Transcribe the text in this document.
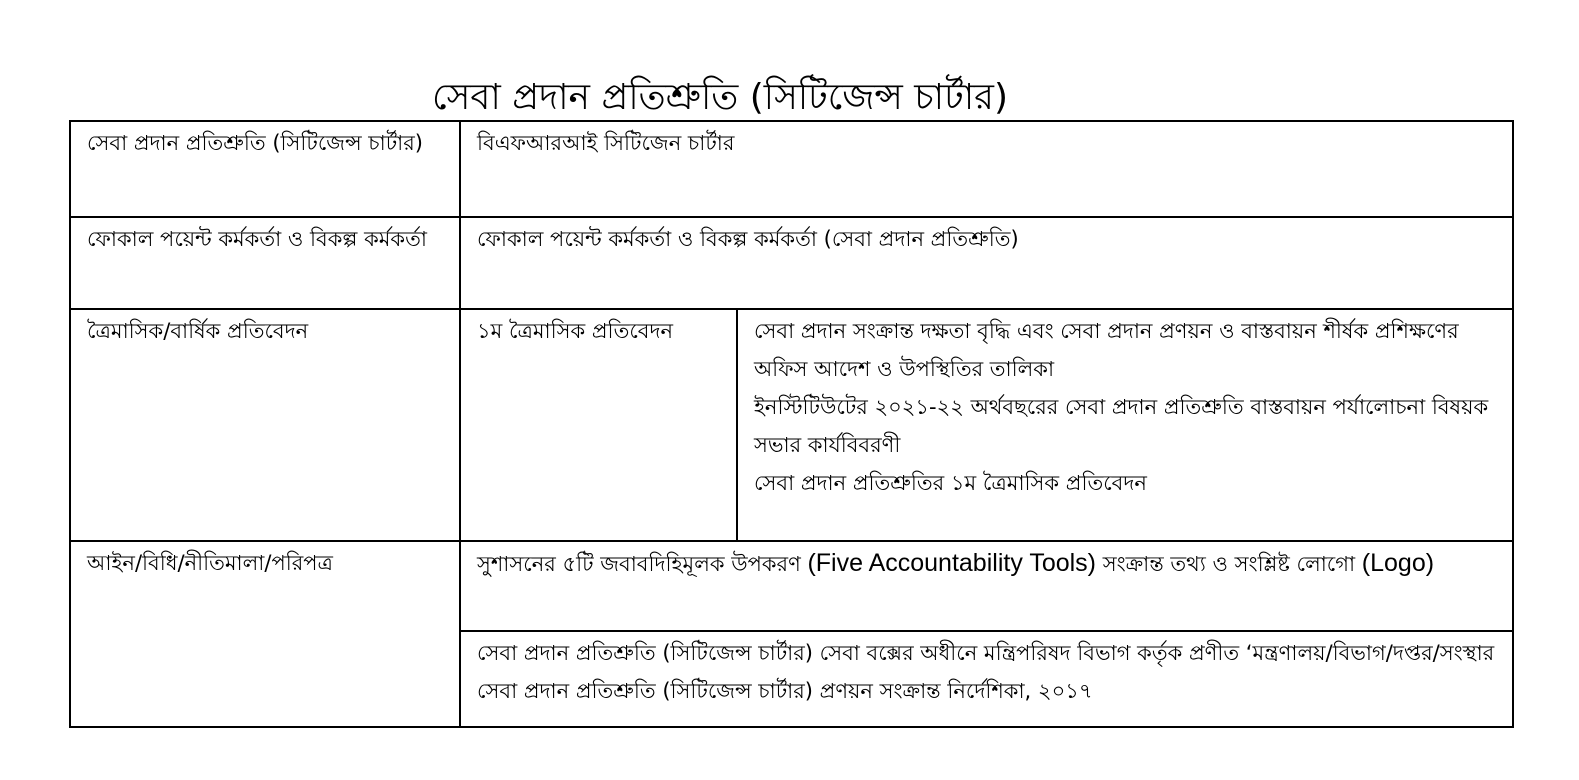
সেবা প্রদান প্রতিশ্রুতি (সিটিজেন্স চার্টার)
সেবা প্রদান প্রতিশ্রুতি (সিটিজেন্স চার্টার)	বিএফআরআই সিটিজেন চার্টার	
ফোকাল পয়েন্ট কর্মকর্তা ও বিকল্প কর্মকর্তা	ফোকাল পয়েন্ট কর্মকর্তা ও বিকল্প কর্মকর্তা (সেবা প্রদান প্রতিশ্রুতি)	
ত্রৈমাসিক/বার্ষিক প্রতিবেদন	১ম ত্রৈমাসিক প্রতিবেদন	সেবা প্রদান সংক্রান্ত দক্ষতা বৃদ্ধি এবং সেবা প্রদান প্রণয়ন ও বাস্তবায়ন শীর্ষক প্রশিক্ষণের অফিস আদেশ ও উপস্থিতির তালিকা
ইনস্টিটিউটের ২০২১-২২ অর্থবছরের সেবা প্রদান প্রতিশ্রুতি বাস্তবায়ন পর্যালোচনা বিষয়ক সভার কার্যবিবরণী
সেবা প্রদান প্রতিশ্রুতির ১ম ত্রৈমাসিক প্রতিবেদন

আইন/বিধি/নীতিমালা/পরিপত্র	সুশাসনের ৫টি জবাবদিহিমূলক উপকরণ (Five Accountability Tools) সংক্রান্ত তথ্য ও সংশ্লিষ্ট লোগো (Logo)	
	সেবা প্রদান প্রতিশ্রুতি (সিটিজেন্স চার্টার) সেবা বক্সের অধীনে মন্ত্রিপরিষদ বিভাগ কর্তৃক প্রণীত ‘মন্ত্রণালয়/বিভাগ/দপ্তর/সংস্থার সেবা প্রদান প্রতিশ্রুতি (সিটিজেন্স চার্টার) প্রণয়ন সংক্রান্ত নির্দেশিকা, ২০১৭	
